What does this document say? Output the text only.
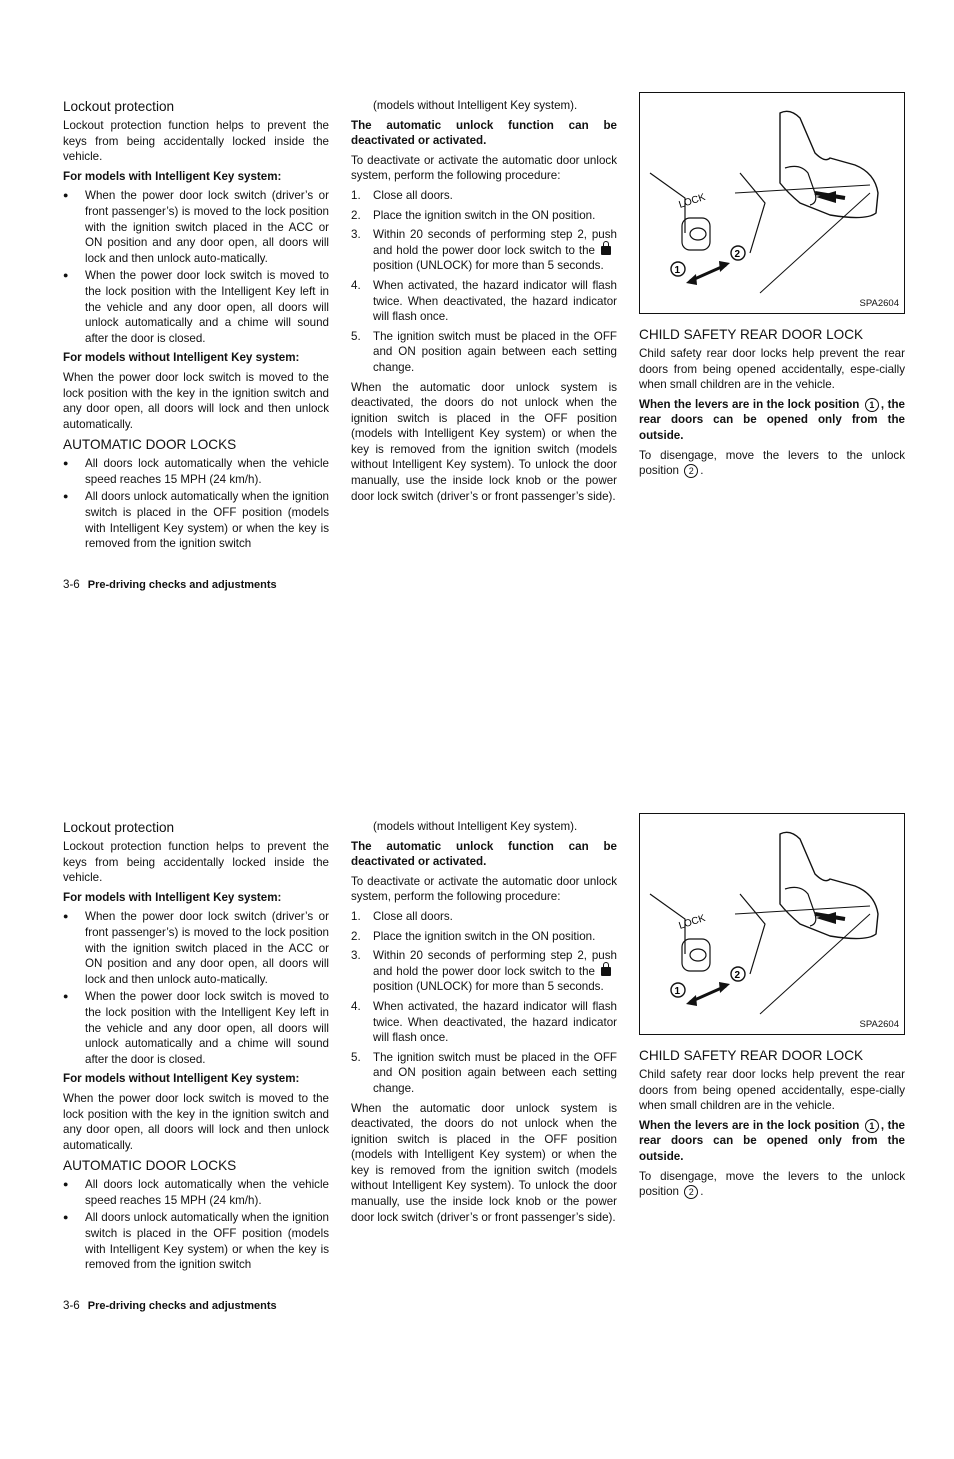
Lockout protection

Lockout protection function helps to prevent the keys from being accidentally locked inside the vehicle.

For models with Intelligent Key system:

● When the power door lock switch (driver’s or front passenger’s) is moved to the lock position with the ignition switch placed in the ACC or ON position and any door open, all doors will lock and then unlock auto-matically.
● When the power door lock switch is moved to the lock position with the Intelligent Key left in the vehicle and any door open, all doors will unlock automatically and a chime will sound after the door is closed.

For models without Intelligent Key system:

When the power door lock switch is moved to the lock position with the key in the ignition switch and any door open, all doors will lock and then unlock automatically.

AUTOMATIC DOOR LOCKS
● All doors lock automatically when the vehicle speed reaches 15 MPH (24 km/h).
● All doors unlock automatically when the ignition switch is placed in the OFF position (models with Intelligent Key system) or when the key is removed from the ignition switch

(models without Intelligent Key system).

The automatic unlock function can be deactivated or activated.

To deactivate or activate the automatic door unlock system, perform the following procedure:

1. Close all doors.
2. Place the ignition switch in the ON position.
3. Within 20 seconds of performing step 2, push and hold the power door lock switch to theposition (UNLOCK) for more than 5 seconds.
4. When activated, the hazard indicator will flash twice. When deactivated, the hazard indicator will flash once.
5. The ignition switch must be placed in the OFF and ON position again between each setting change.

When the automatic door unlock system is deactivated, the doors do not unlock when the ignition switch is placed in the OFF position (models with Intelligent Key system) or when the key is removed from the ignition switch (models without Intelligent Key system). To unlock the door manually, use the inside lock knob or the power door lock switch (driver’s or front passenger’s side).

LOCK
1
2
SPA2604
CHILD SAFETY REAR DOOR LOCK

Child safety rear door locks help prevent the rear doors from being opened accidentally, espe-cially when small children are in the vehicle.

When the levers are in the lock position 1 , the rear doors can be opened only from the outside.

To disengage, move the levers to the unlock position 2 .

3-6 Pre-driving checks and adjustments
Lockout protection

Lockout protection function helps to prevent the keys from being accidentally locked inside the vehicle.

For models with Intelligent Key system:

● When the power door lock switch (driver’s or front passenger’s) is moved to the lock position with the ignition switch placed in the ACC or ON position and any door open, all doors will lock and then unlock auto-matically.
● When the power door lock switch is moved to the lock position with the Intelligent Key left in the vehicle and any door open, all doors will unlock automatically and a chime will sound after the door is closed.

For models without Intelligent Key system:

When the power door lock switch is moved to the lock position with the key in the ignition switch and any door open, all doors will lock and then unlock automatically.

AUTOMATIC DOOR LOCKS
● All doors lock automatically when the vehicle speed reaches 15 MPH (24 km/h).
● All doors unlock automatically when the ignition switch is placed in the OFF position (models with Intelligent Key system) or when the key is removed from the ignition switch

(models without Intelligent Key system).

The automatic unlock function can be deactivated or activated.

To deactivate or activate the automatic door unlock system, perform the following procedure:

1. Close all doors.
2. Place the ignition switch in the ON position.
3. Within 20 seconds of performing step 2, push and hold the power door lock switch to theposition (UNLOCK) for more than 5 seconds.
4. When activated, the hazard indicator will flash twice. When deactivated, the hazard indicator will flash once.
5. The ignition switch must be placed in the OFF and ON position again between each setting change.

When the automatic door unlock system is deactivated, the doors do not unlock when the ignition switch is placed in the OFF position (models with Intelligent Key system) or when the key is removed from the ignition switch (models without Intelligent Key system). To unlock the door manually, use the inside lock knob or the power door lock switch (driver’s or front passenger’s side).

LOCK
1
2
SPA2604
CHILD SAFETY REAR DOOR LOCK

Child safety rear door locks help prevent the rear doors from being opened accidentally, espe-cially when small children are in the vehicle.

When the levers are in the lock position 1 , the rear doors can be opened only from the outside.

To disengage, move the levers to the unlock position 2 .

3-6 Pre-driving checks and adjustments
